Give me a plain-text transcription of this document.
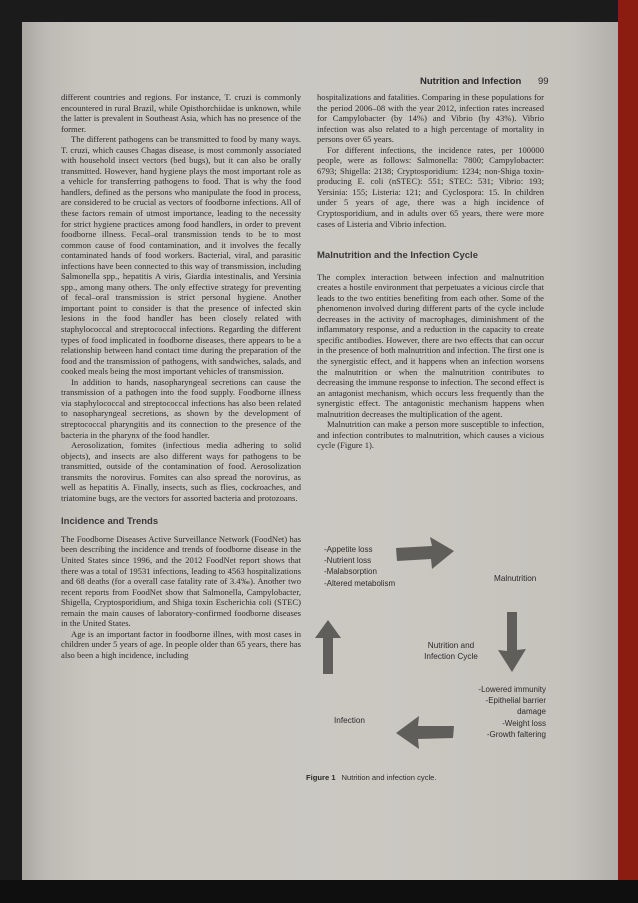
Nutrition and Infection 99

different countries and regions. For instance, T. cruzi is commonly encountered in rural Brazil, while Opisthorchiidae is unknown, while the latter is prevalent in Southeast Asia, which has no presence of the former.

The different pathogens can be transmitted to food by many ways. T. cruzi, which causes Chagas disease, is most commonly associated with household insect vectors (bed bugs), but it can also be orally transmitted. However, hand hygiene plays the most important role as a vehicle for transferring pathogens to food. That is why the food handlers, defined as the persons who manipulate the food in process, are considered to be crucial as vectors of foodborne infections. All of these factors remain of utmost importance, leading to the necessity for strict hygiene practices among food handlers, in order to prevent foodborne illness. Fecal–oral transmission tends to be to most common cause of food contamination, and it involves the fecally contaminated hands of food workers. Bacterial, viral, and parasitic infections have been connected to this way of transmission, including Salmonella spp., hepatitis A viris, Giardia intestinalis, and Yersinia spp., among many others. The only effective strategy for preventing of fecal–oral transmission is strict personal hygiene. Another important point to consider is that the presence of infected skin lesions in the food handler has been closely related with staphylococcal and streptococcal infections. Regarding the different types of food implicated in foodborne diseases, there appears to be a relationship between hand contact time during the preparation of the food and the transmission of pathogens, with sandwiches, salads, and cooked meals being the most important vehicles of transmission.

In addition to hands, nasopharyngeal secretions can cause the transmission of a pathogen into the food supply. Foodborne illness via staphylococcal and streptococcal infections has also been related to nasopharyngeal secretions, as shown by the development of streptococcal pharyngitis and its connection to the presence of the bacteria in the pharynx of the food handler.

Aerosolization, fomites (infectious media adhering to solid objects), and insects are also different ways for pathogens to be transmitted, outside of the contamination of food. Aerosolization transmits the norovirus. Fomites can also spread the norovirus, as well as hepatitis A. Finally, insects, such as flies, cockroaches, and triatomine bugs, are the vectors for assorted bacteria and protozoans.

Incidence and Trends

The Foodborne Diseases Active Surveillance Network (FoodNet) has been describing the incidence and trends of foodborne disease in the United States since 1996, and the 2012 FoodNet report shows that there was a total of 19531 infections, leading to 4563 hospitalizations and 68 deaths (for a overall case fatality rate of 3.4‰). Another two recent reports from FoodNet show that Salmonella, Campylobacter, Shigella, Cryptosporidium, and Shiga toxin Escherichia coli (STEC) remain the main causes of laboratory-confirmed foodborne diseases in the United States.

Age is an important factor in foodborne illnes, with most cases in children under 5 years of age. In people older than 65 years, there has also been a high incidence, including

hospitalizations and fatalities. Comparing in these populations for the period 2006–08 with the year 2012, infection rates increased for Campylobacter (by 14%) and Vibrio (by 43%). Vibrio infection was also related to a high percentage of mortality in persons over 65 years.

For different infections, the incidence rates, per 100000 people, were as follows: Salmonella: 7800; Campylobacter: 6793; Shigella: 2138; Cryptosporidium: 1234; non-Shiga toxin-producing E. coli (nSTEC): 551; STEC: 531; Vibrio: 193; Yersinia: 155; Listeria: 121; and Cyclospora: 15. In children under 5 years of age, there was a high incidence of Cryptosporidium, and in adults over 65 years, there were more cases of Listeria and Vibrio infection.

Malnutrition and the Infection Cycle

The complex interaction between infection and malnutrition creates a hostile environment that perpetuates a vicious circle that leads to the two entities benefiting from each other. Some of the phenomenon involved during different parts of the cycle include decreases in the activity of macrophages, diminishment of the inflammatory response, and a reduction in the capacity to create specific antibodies. However, there are two effects that can occur in the presence of both malnutrition and infection. The first one is the synergistic effect, and it happens when an infection worsens the malnutrition or when the malnutrition contributes to decreasing the immune response to infection. The second effect is an antagonist mechanism, which occurs less frequently than the synergistic effect. The antagonistic mechanism happens when malnutrition decreases the multiplication of the agent.

Malnutrition can make a person more susceptible to infection, and infection contributes to malnutrition, which causes a vicious cycle (Figure 1).

-Appetite loss
-Nutrient loss
-Malabsorption
-Altered metabolism
Malnutrition
Nutrition and
Infection Cycle
Infection
-Lowered immunity
-Epithelial barrier
damage
-Weight loss
-Growth faltering
Figure 1 Nutrition and infection cycle.
